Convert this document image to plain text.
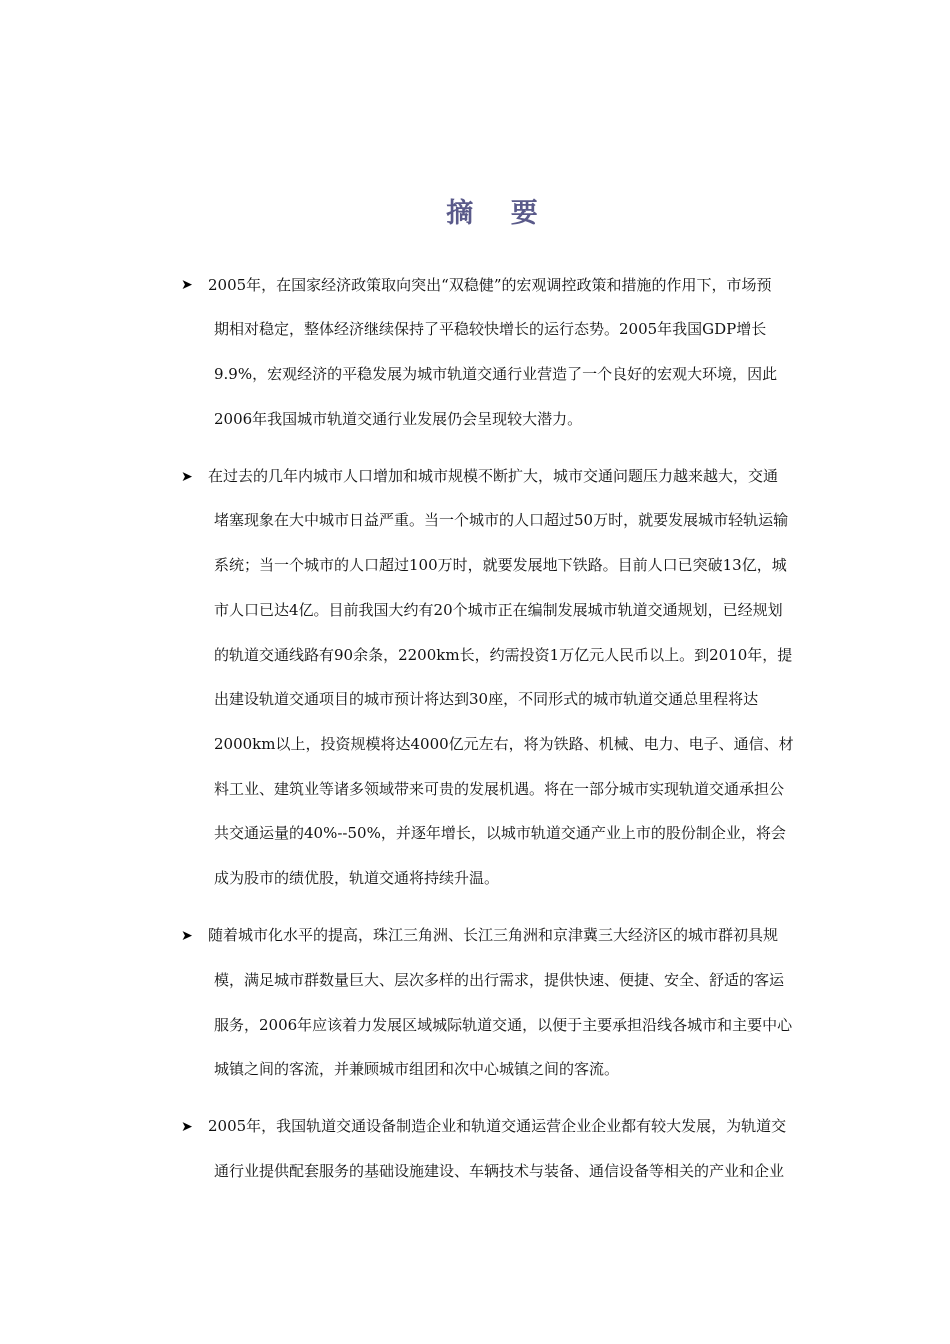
摘 要
➤ 2005年，在国家经济政策取向突出“双稳健”的宏观调控政策和措施的作用下，市场预
期相对稳定，整体经济继续保持了平稳较快增长的运行态势。2005年我国GDP增长
9.9%，宏观经济的平稳发展为城市轨道交通行业营造了一个良好的宏观大环境，因此
2006年我国城市轨道交通行业发展仍会呈现较大潜力。
➤ 在过去的几年内城市人口增加和城市规模不断扩大，城市交通问题压力越来越大，交通
堵塞现象在大中城市日益严重。当一个城市的人口超过50万时，就要发展城市轻轨运输
系统；当一个城市的人口超过100万时，就要发展地下铁路。目前人口已突破13亿，城
市人口已达4亿。目前我国大约有20个城市正在编制发展城市轨道交通规划，已经规划
的轨道交通线路有90余条，2200km长，约需投资1万亿元人民币以上。到2010年，提
出建设轨道交通项目的城市预计将达到30座，不同形式的城市轨道交通总里程将达
2000km以上，投资规模将达4000亿元左右，将为铁路、机械、电力、电子、通信、材
料工业、建筑业等诸多领域带来可贵的发展机遇。将在一部分城市实现轨道交通承担公
共交通运量的40%--50%，并逐年增长，以城市轨道交通产业上市的股份制企业，将会
成为股市的绩优股，轨道交通将持续升温。
➤ 随着城市化水平的提高，珠江三角洲、长江三角洲和京津冀三大经济区的城市群初具规
模，满足城市群数量巨大、层次多样的出行需求，提供快速、便捷、安全、舒适的客运
服务，2006年应该着力发展区域城际轨道交通，以便于主要承担沿线各城市和主要中心
城镇之间的客流，并兼顾城市组团和次中心城镇之间的客流。
➤ 2005年，我国轨道交通设备制造企业和轨道交通运营企业企业都有较大发展，为轨道交
通行业提供配套服务的基础设施建设、车辆技术与装备、通信设备等相关的产业和企业
